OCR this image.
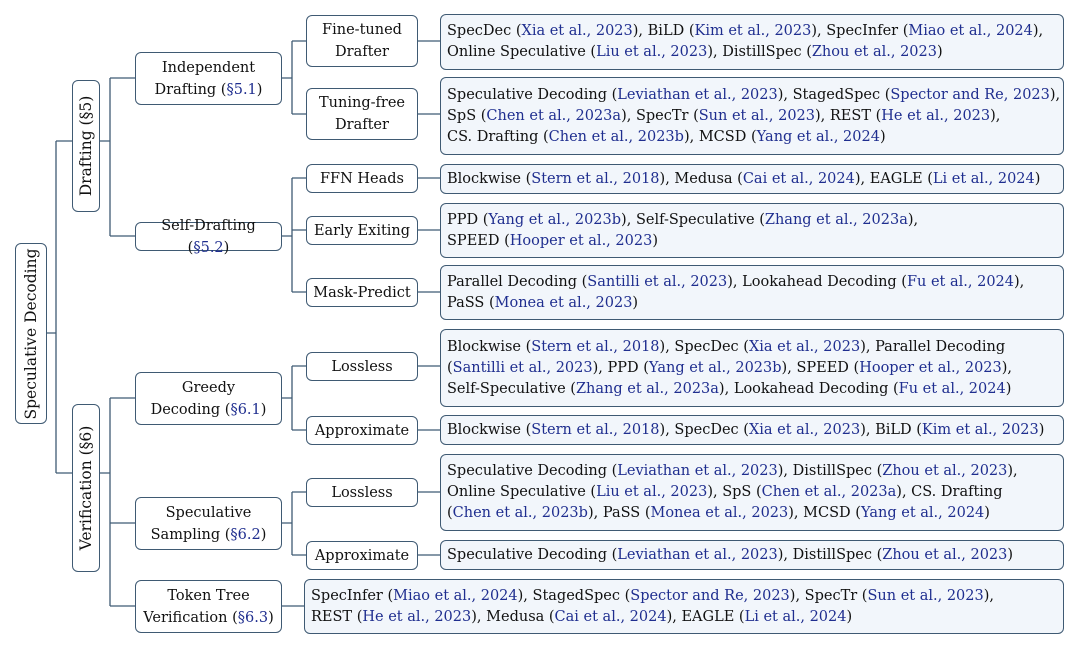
Speculative Decoding
Drafting (§5)
Verification (§6)
Independent
Drafting (§5.1)
Self-Drafting (§5.2)
Greedy
Decoding (§6.1)
Speculative
Sampling (§6.2)
Token Tree
Verification (§6.3)
Fine-tuned
Drafter
Tuning-free
Drafter
FFN Heads
Early Exiting
Mask-Predict
Lossless
Approximate
Lossless
Approximate
SpecDec (Xia et al., 2023), BiLD (Kim et al., 2023), SpecInfer (Miao et al., 2024),
Online Speculative (Liu et al., 2023), DistillSpec (Zhou et al., 2023)
Speculative Decoding (Leviathan et al., 2023), StagedSpec (Spector and Re, 2023),
SpS (Chen et al., 2023a), SpecTr (Sun et al., 2023), REST (He et al., 2023),
CS. Drafting (Chen et al., 2023b), MCSD (Yang et al., 2024)
Blockwise (Stern et al., 2018), Medusa (Cai et al., 2024), EAGLE (Li et al., 2024)
PPD (Yang et al., 2023b), Self-Speculative (Zhang et al., 2023a),
SPEED (Hooper et al., 2023)
Parallel Decoding (Santilli et al., 2023), Lookahead Decoding (Fu et al., 2024),
PaSS (Monea et al., 2023)
Blockwise (Stern et al., 2018), SpecDec (Xia et al., 2023), Parallel Decoding
(Santilli et al., 2023), PPD (Yang et al., 2023b), SPEED (Hooper et al., 2023),
Self-Speculative (Zhang et al., 2023a), Lookahead Decoding (Fu et al., 2024)
Blockwise (Stern et al., 2018), SpecDec (Xia et al., 2023), BiLD (Kim et al., 2023)
Speculative Decoding (Leviathan et al., 2023), DistillSpec (Zhou et al., 2023),
Online Speculative (Liu et al., 2023), SpS (Chen et al., 2023a), CS. Drafting
(Chen et al., 2023b), PaSS (Monea et al., 2023), MCSD (Yang et al., 2024)
Speculative Decoding (Leviathan et al., 2023), DistillSpec (Zhou et al., 2023)
SpecInfer (Miao et al., 2024), StagedSpec (Spector and Re, 2023), SpecTr (Sun et al., 2023),
REST (He et al., 2023), Medusa (Cai et al., 2024), EAGLE (Li et al., 2024)
